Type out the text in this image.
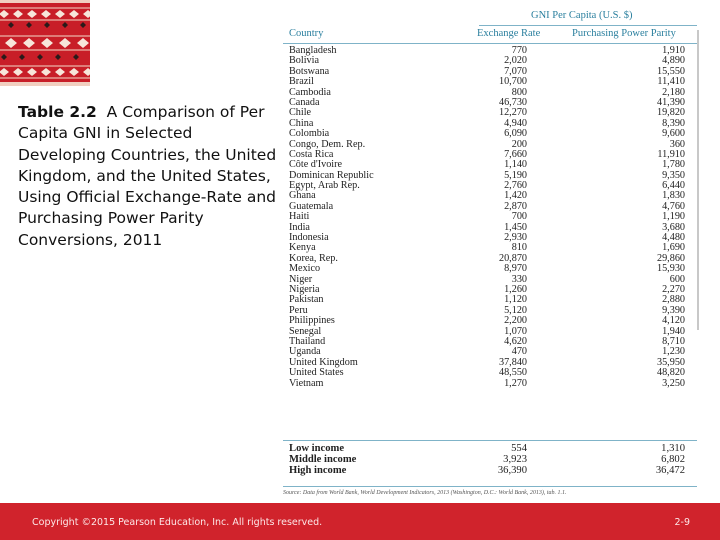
Table 2.2 A Comparison of Per Capita GNI in Selected Developing Countries, the United Kingdom, and the United States, Using Official Exchange-Rate and Purchasing Power Parity Conversions, 2011
GNI Per Capita (U.S. $)
Country	Exchange Rate	Purchasing Power Parity
Bangladesh	770	1,910
Bolivia	2,020	4,890
Botswana	7,070	15,550
Brazil	10,700	11,410
Cambodia	800	2,180
Canada	46,730	41,390
Chile	12,270	19,820
China	4,940	8,390
Colombia	6,090	9,600
Congo, Dem. Rep.	200	360
Costa Rica	7,660	11,910
Côte d'Ivoire	1,140	1,780
Dominican Republic	5,190	9,350
Egypt, Arab Rep.	2,760	6,440
Ghana	1,420	1,830
Guatemala	2,870	4,760
Haiti	700	1,190
India	1,450	3,680
Indonesia	2,930	4,480
Kenya	810	1,690
Korea, Rep.	20,870	29,860
Mexico	8,970	15,930
Niger	330	600
Nigeria	1,260	2,270
Pakistan	1,120	2,880
Peru	5,120	9,390
Philippines	2,200	4,120
Senegal	1,070	1,940
Thailand	4,620	8,710
Uganda	470	1,230
United Kingdom	37,840	35,950
United States	48,550	48,820
Vietnam	1,270	3,250
Low income	554	1,310
Middle income	3,923	6,802
High income	36,390	36,472
Source: Data from World Bank, World Development Indicators, 2013 (Washington, D.C.: World Bank, 2013), tab. 1.1.
Copyright ©2015 Pearson Education, Inc. All rights reserved.	2-9
